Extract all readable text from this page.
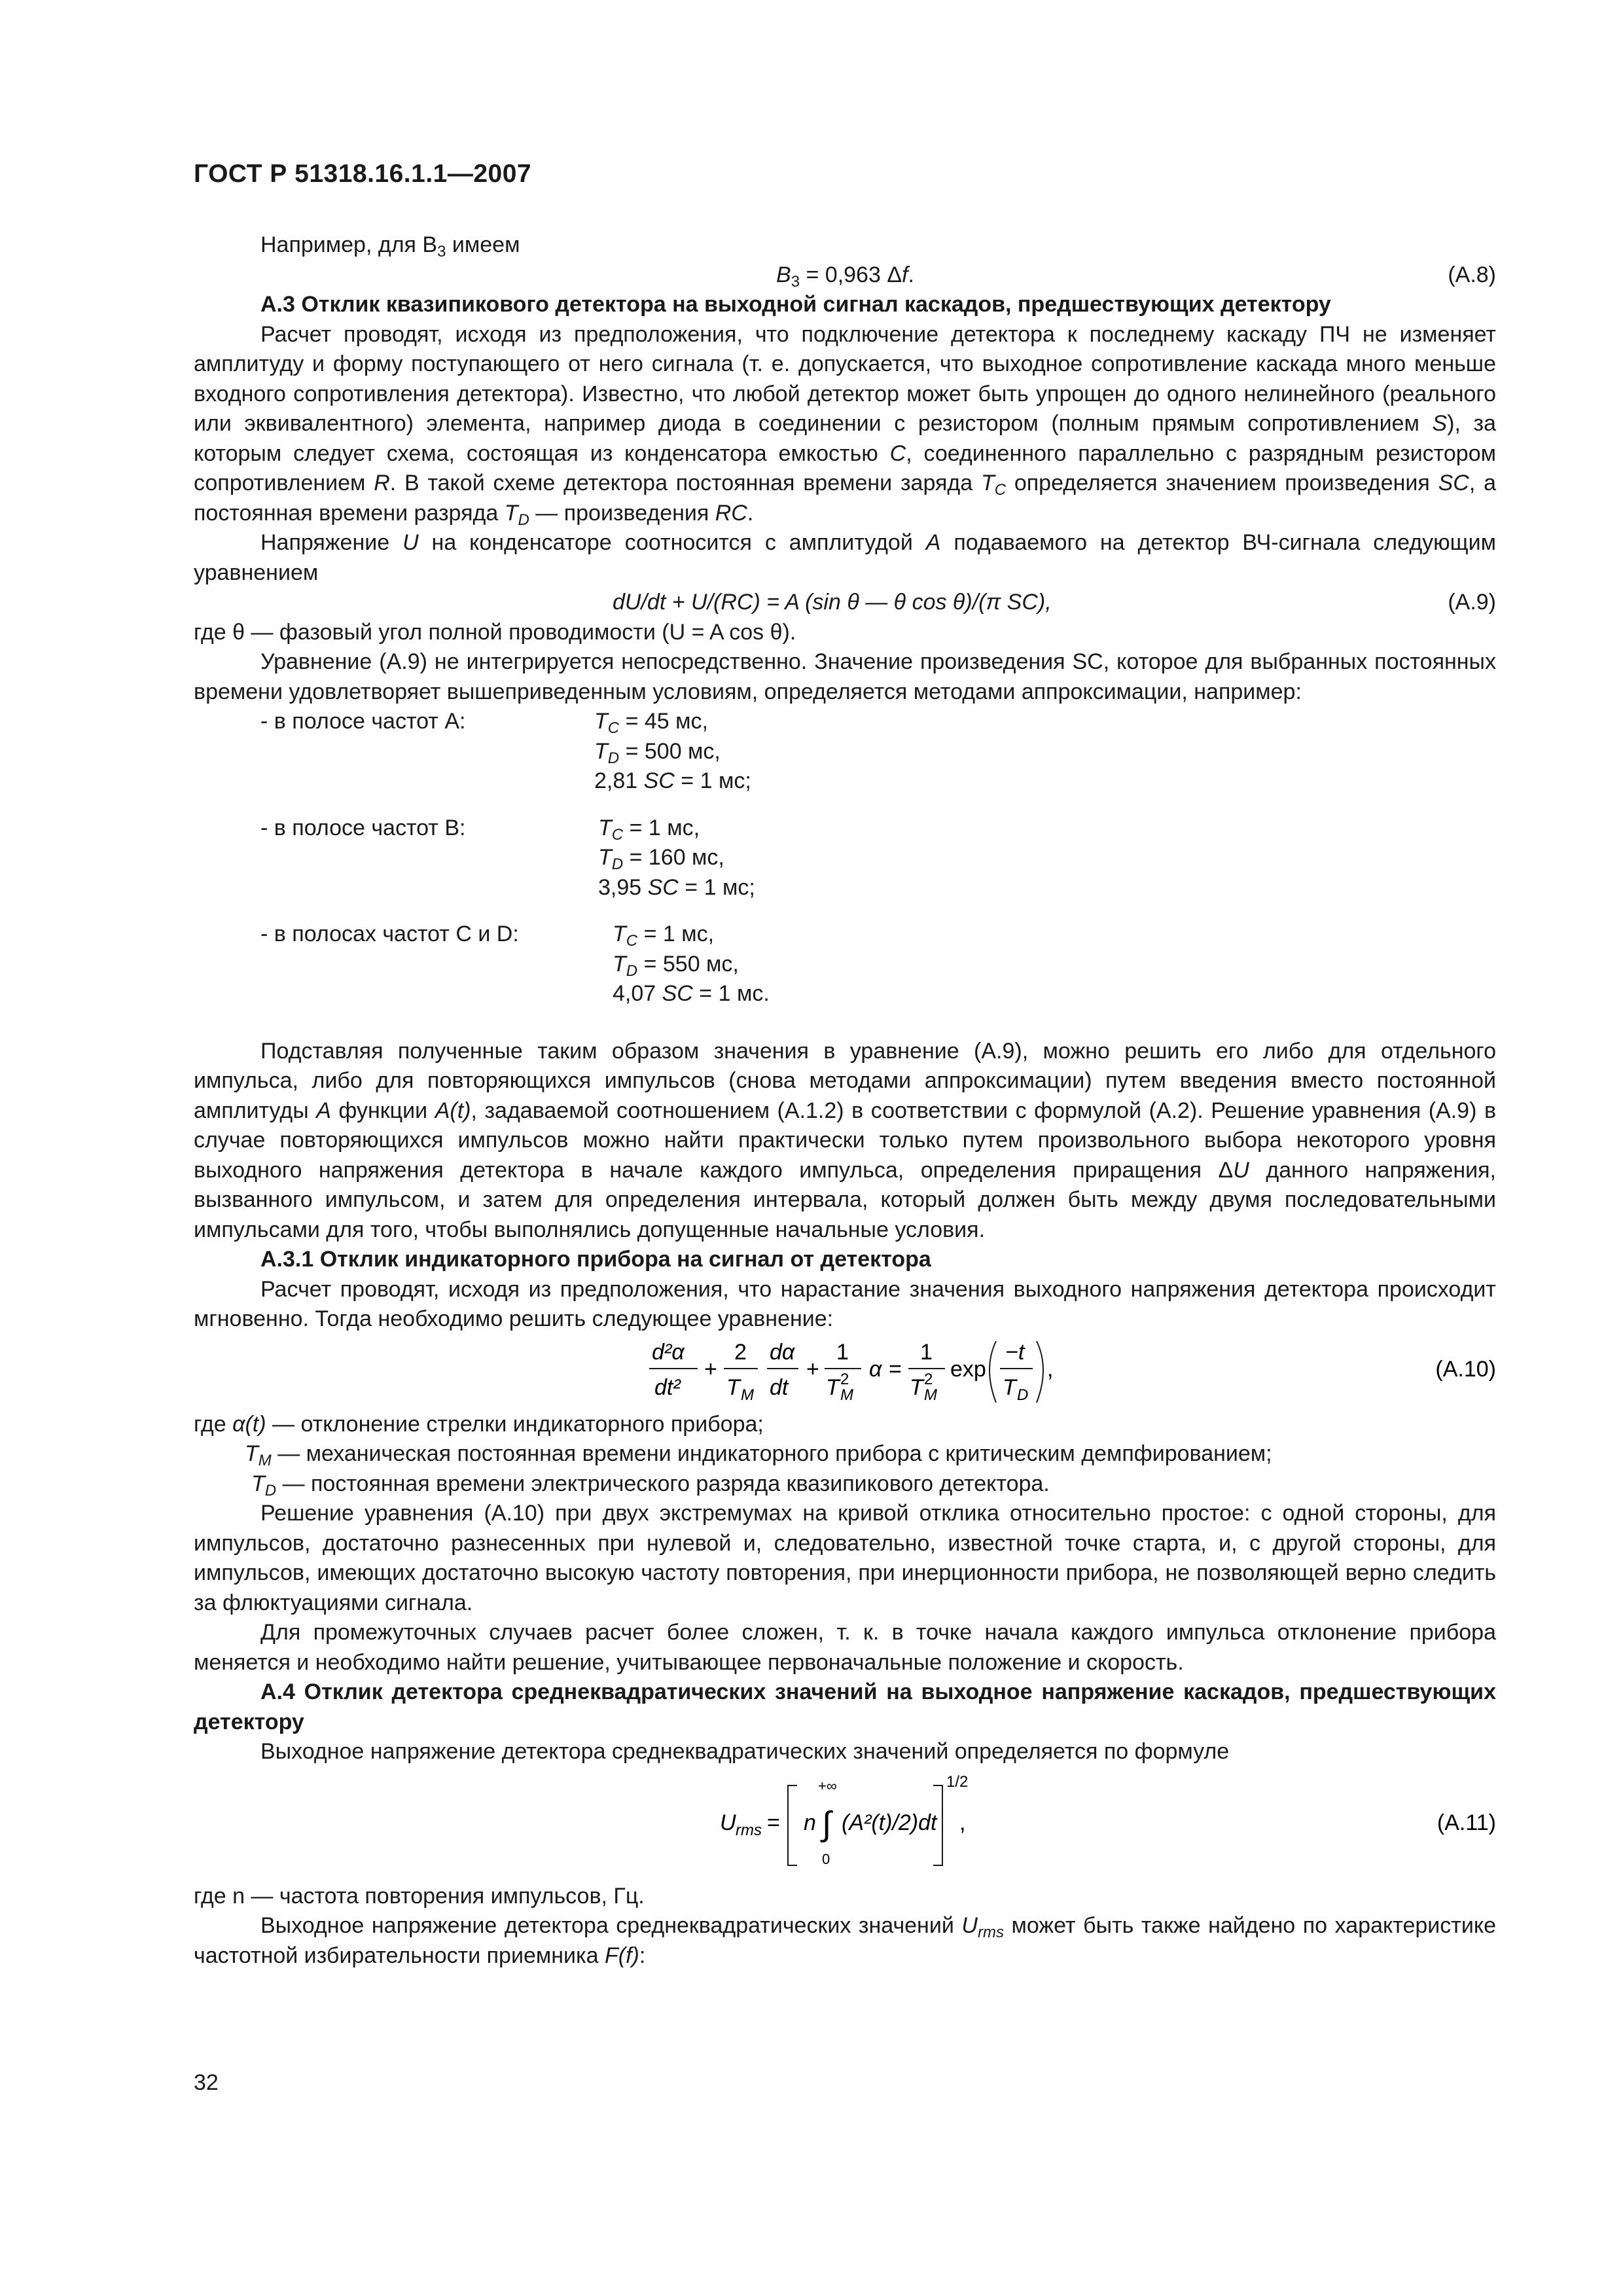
ГОСТ Р 51318.16.1.1—2007

Например, для $B_3$ имеем

$B_3 = 0,963$ Δf.	(A.8)

A.3 Отклик квазипикового детектора на выходной сигнал каскадов, предшествующих детектору

Расчет проводят, исходя из предположения, что подключение детектора к последнему каскаду ПЧ не изменяет амплитуду и форму поступающего от него сигнала (т. е. допускается, что выходное сопротивление каскада много меньше входного сопротивления детектора). Известно, что любой детектор может быть упрощен до одного нелинейного (реального или эквивалентного) элемента, например диода в соединении с резистором (полным прямым сопротивлением S), за которым следует схема, состоящая из конденсатора емкостью C, соединенного параллельно с разрядным резистором сопротивлением R. В такой схеме детектора постоянная времени заряда $T_C$ определяется значением произведения SC, а постоянная времени разряда $T_D$ — произведения RC.

Напряжение U на конденсаторе соотносится с амплитудой A подаваемого на детектор ВЧ-сигнала следующим уравнением

dU/dt + U/(RC) = A (sin θ — θ cos θ)/(π SC),	(A.9)

где θ — фазовый угол полной проводимости (U = A cos θ).

Уравнение (A.9) не интегрируется непосредственно. Значение произведения SC, которое для выбранных постоянных времени удовлетворяет вышеприведенным условиям, определяется методами аппроксимации, например:

- в полосе частот A:	$T_C = 45$ мс,
$T_D = 500$ мс,
2,81 SC = 1 мс;
- в полосе частот B:	$T_C = 1$ мс,
$T_D = 160$ мс,
3,95 SC = 1 мс;
- в полосах частот C и D:	$T_C = 1$ мс,
$T_D = 550$ мс,
4,07 SC = 1 мс.

Подставляя полученные таким образом значения в уравнение (A.9), можно решить его либо для отдельного импульса, либо для повторяющихся импульсов (снова методами аппроксимации) путем введения вместо постоянной амплитуды A функции A(t), задаваемой соотношением (A.1.2) в соответствии с формулой (A.2). Решение уравнения (A.9) в случае повторяющихся импульсов можно найти практически только путем произвольного выбора некоторого уровня выходного напряжения детектора в начале каждого импульса, определения приращения ΔU данного напряжения, вызванного импульсом, и затем для определения интервала, который должен быть между двумя последовательными импульсами для того, чтобы выполнялись допущенные начальные условия.

A.3.1 Отклик индикаторного прибора на сигнал от детектора

Расчет проводят, исходя из предположения, что нарастание значения выходного напряжения детектора происходит мгновенно. Тогда необходимо решить следующее уравнение:

d²α
dt²
+
2
T M
dα
dt
+
1
T M
2 α =
1
T M
2 exp
−t
T D
,	(A.10)
где α(t) — отклонение стрелки индикаторного прибора;
$T_M$ — механическая постоянная времени индикаторного прибора с критическим демпфированием;
$T_D$ — постоянная времени электрического разряда квазипикового детектора.

Решение уравнения (A.10) при двух экстремумах на кривой отклика относительно простое: с одной стороны, для импульсов, достаточно разнесенных при нулевой и, следовательно, известной точке старта, и, с другой стороны, для импульсов, имеющих достаточно высокую частоту повторения, при инерционности прибора, не позволяющей верно следить за флюктуациями сигнала.

Для промежуточных случаев расчет более сложен, т. к. в точке начала каждого импульса отклонение прибора меняется и необходимо найти решение, учитывающее первоначальные положение и скорость.

A.4 Отклик детектора среднеквадратических значений на выходное напряжение каскадов, предшествующих детектору

Выходное напряжение детектора среднеквадратических значений определяется по формуле

U rms = n
+∞
∫
0
(A²(t)/2)dt
1/2
,	(A.11)

где n — частота повторения импульсов, Гц.

Выходное напряжение детектора среднеквадратических значений $U_{rms}$ может быть также найдено по характеристике частотной избирательности приемника F(f):

32
